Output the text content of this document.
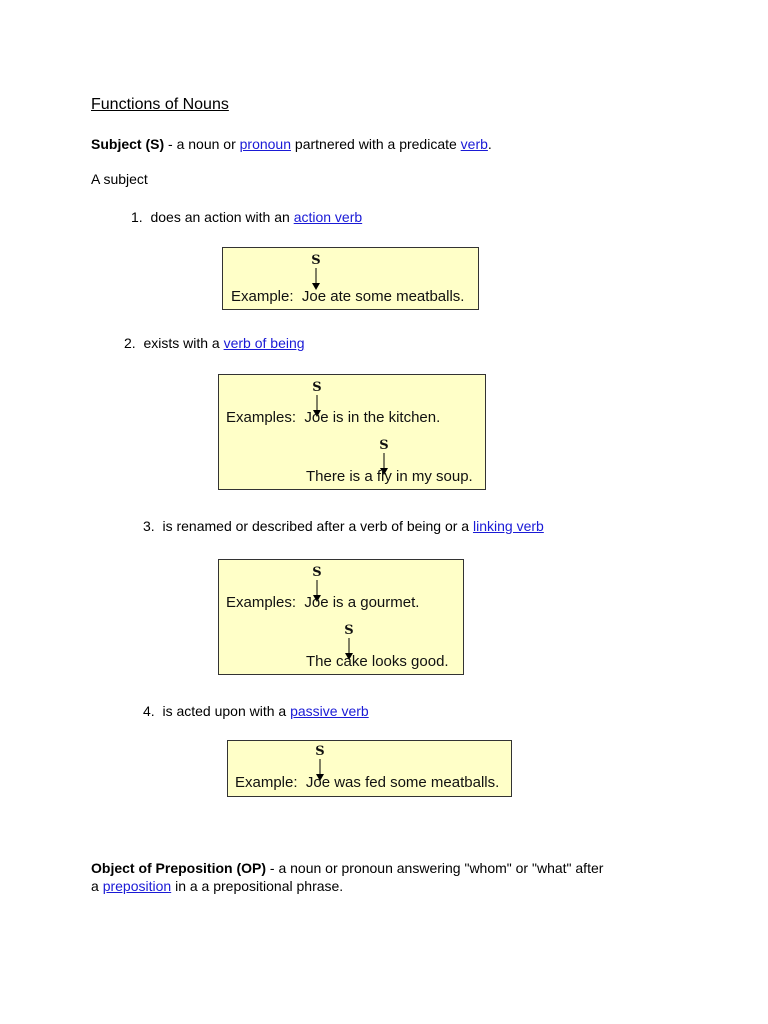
Functions of Nouns
Subject (S) - a noun or pronoun partnered with a predicate verb.
A subject
1. does an action with an action verb
S
Example: Joe ate some meatballs.
2. exists with a verb of being
S
Examples: Joe is in the kitchen.
S
There is a fly in my soup.
3. is renamed or described after a verb of being or a linking verb
S
Examples: Joe is a gourmet.
S
The cake looks good.
4. is acted upon with a passive verb
S
Example: Joe was fed some meatballs.
Object of Preposition (OP) - a noun or pronoun answering "whom" or "what" after
a preposition in a a prepositional phrase.
